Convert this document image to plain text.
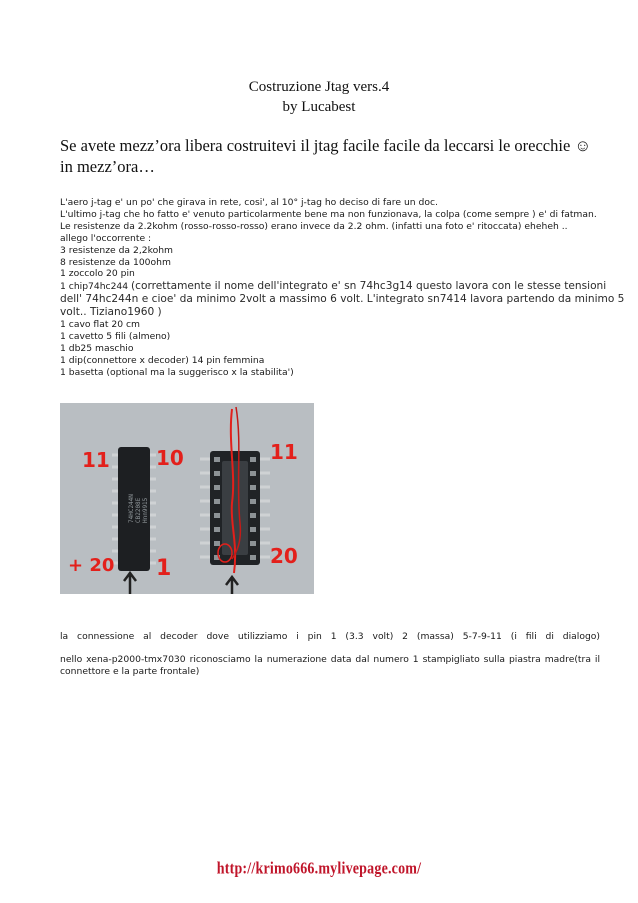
Costruzione Jtag vers.4
by Lucabest
Se avete mezz’ora libera costruitevi il jtag facile facile da leccarsi le orecchie ☺ in mezz’ora…
L'aero j-tag e' un po' che girava in rete, cosi', al 10° j-tag ho deciso di fare un doc.
L'ultimo j-tag che ho fatto e' venuto particolarmente bene ma non funzionava, la colpa (come sempre ) e' di fatman.
Le resistenze da 2.2kohm (rosso-rosso-rosso) erano invece da 2.2 ohm. (infatti una foto e' ritoccata) eheheh ..
allego l'occorrente :
3 resistenze da 2,2kohm
8 resistenze da 100ohm
1 zoccolo 20 pin
1 chip74hc244 (correttamente il nome dell'integrato e' sn 74hc3g14 questo lavora con le stesse tensioni
dell' 74hc244n e cioe' da minimo 2volt a massimo 6 volt. L'integrato sn7414 lavora partendo da minimo 5
volt.. Tiziano1960 )
1 cavo flat 20 cm
1 cavetto 5 fili (almeno)
1 db25 maschio
1 dip(connettore x decoder) 14 pin femmina
1 basetta (optional ma la suggerisco x la stabilita')
74HC244N CB2208E Hnn9915
11 10
+ 20 1
11
20
la connessione al decoder dove utilizziamo i pin 1 (3.3 volt) 2 (massa) 5-7-9-11 (i fili di dialogo)
nello xena-p2000-tmx7030 riconosciamo la numerazione data dal numero 1 stampigliato sulla piastra madre(tra il connettore e la parte frontale)
http://krimo666.mylivepage.com/
